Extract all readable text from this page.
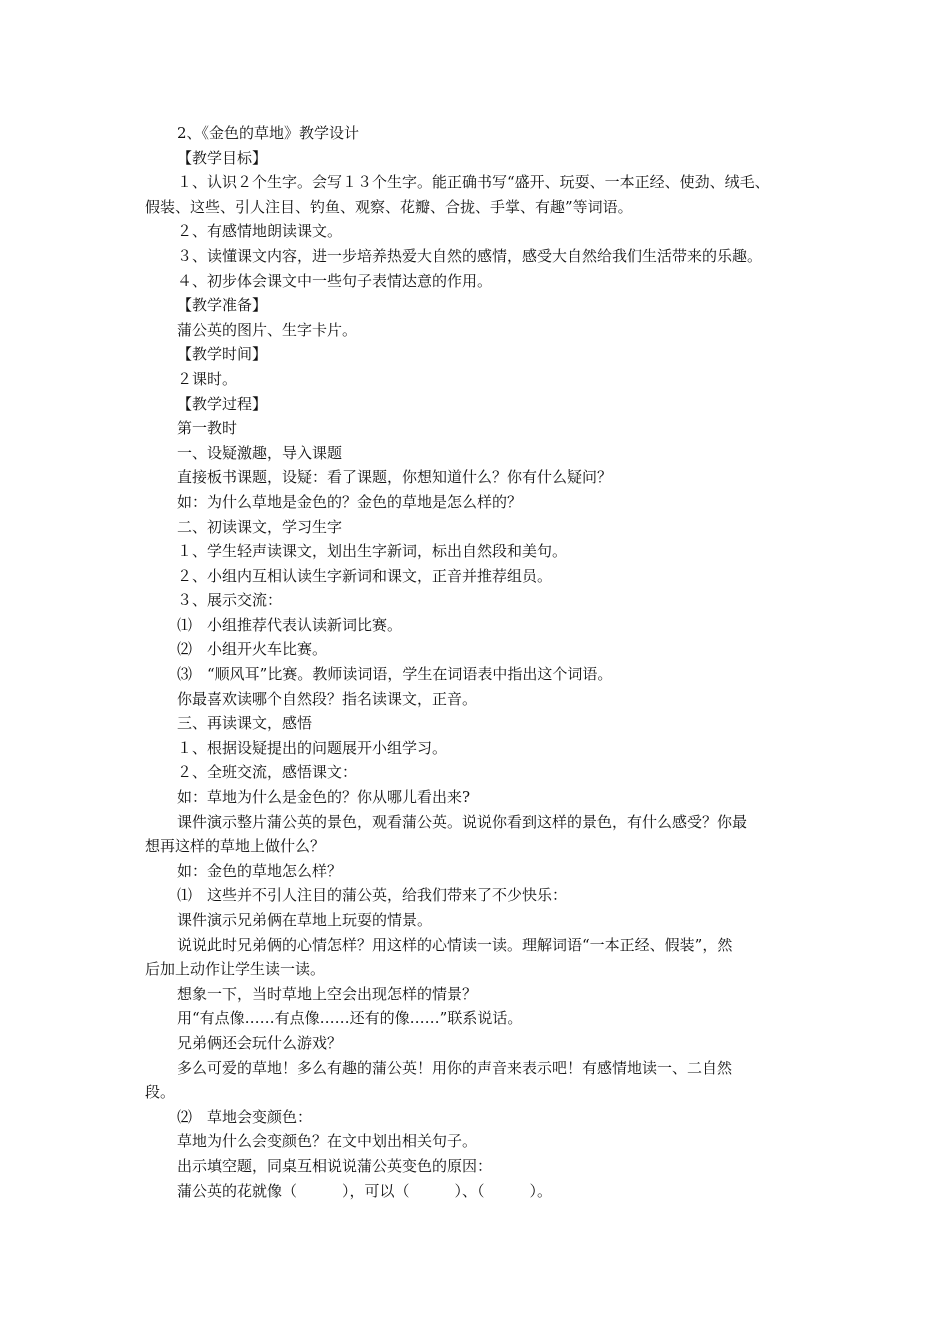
2、《金色的草地》教学设计
【教学目标】
１、认识２个生字。会写１３个生字。能正确书写“盛开、玩耍、一本正经、使劲、绒毛、
假装、这些、引人注目、钓鱼、观察、花瓣、合拢、手掌、有趣”等词语。
２、有感情地朗读课文。
３、读懂课文内容，进一步培养热爱大自然的感情，感受大自然给我们生活带来的乐趣。
４、初步体会课文中一些句子表情达意的作用。
【教学准备】
蒲公英的图片、生字卡片。
【教学时间】
２课时。
【教学过程】
第一教时
一、设疑激趣，导入课题
直接板书课题，设疑：看了课题，你想知道什么？你有什么疑问？
如：为什么草地是金色的？金色的草地是怎么样的？
二、初读课文，学习生字
１、学生轻声读课文，划出生字新词，标出自然段和美句。
２、小组内互相认读生字新词和课文，正音并推荐组员。
３、展示交流：
⑴　小组推荐代表认读新词比赛。
⑵　小组开火车比赛。
⑶　“顺风耳”比赛。教师读词语，学生在词语表中指出这个词语。
你最喜欢读哪个自然段？指名读课文，正音。
三、再读课文，感悟
１、根据设疑提出的问题展开小组学习。
２、全班交流，感悟课文：
如：草地为什么是金色的？你从哪儿看出来?
课件演示整片蒲公英的景色，观看蒲公英。说说你看到这样的景色，有什么感受？你最
想再这样的草地上做什么？
如：金色的草地怎么样？
⑴　这些并不引人注目的蒲公英，给我们带来了不少快乐：
课件演示兄弟俩在草地上玩耍的情景。
说说此时兄弟俩的心情怎样？用这样的心情读一读。理解词语“一本正经、假装”，然
后加上动作让学生读一读。
想象一下，当时草地上空会出现怎样的情景？
用“有点像……有点像……还有的像……”联系说话。
兄弟俩还会玩什么游戏？
多么可爱的草地！多么有趣的蒲公英！用你的声音来表示吧！有感情地读一、二自然
段。
⑵　草地会变颜色：
草地为什么会变颜色？在文中划出相关句子。
出示填空题，同桌互相说说蒲公英变色的原因：
蒲公英的花就像（　　　），可以（　　　）、（　　　）。
